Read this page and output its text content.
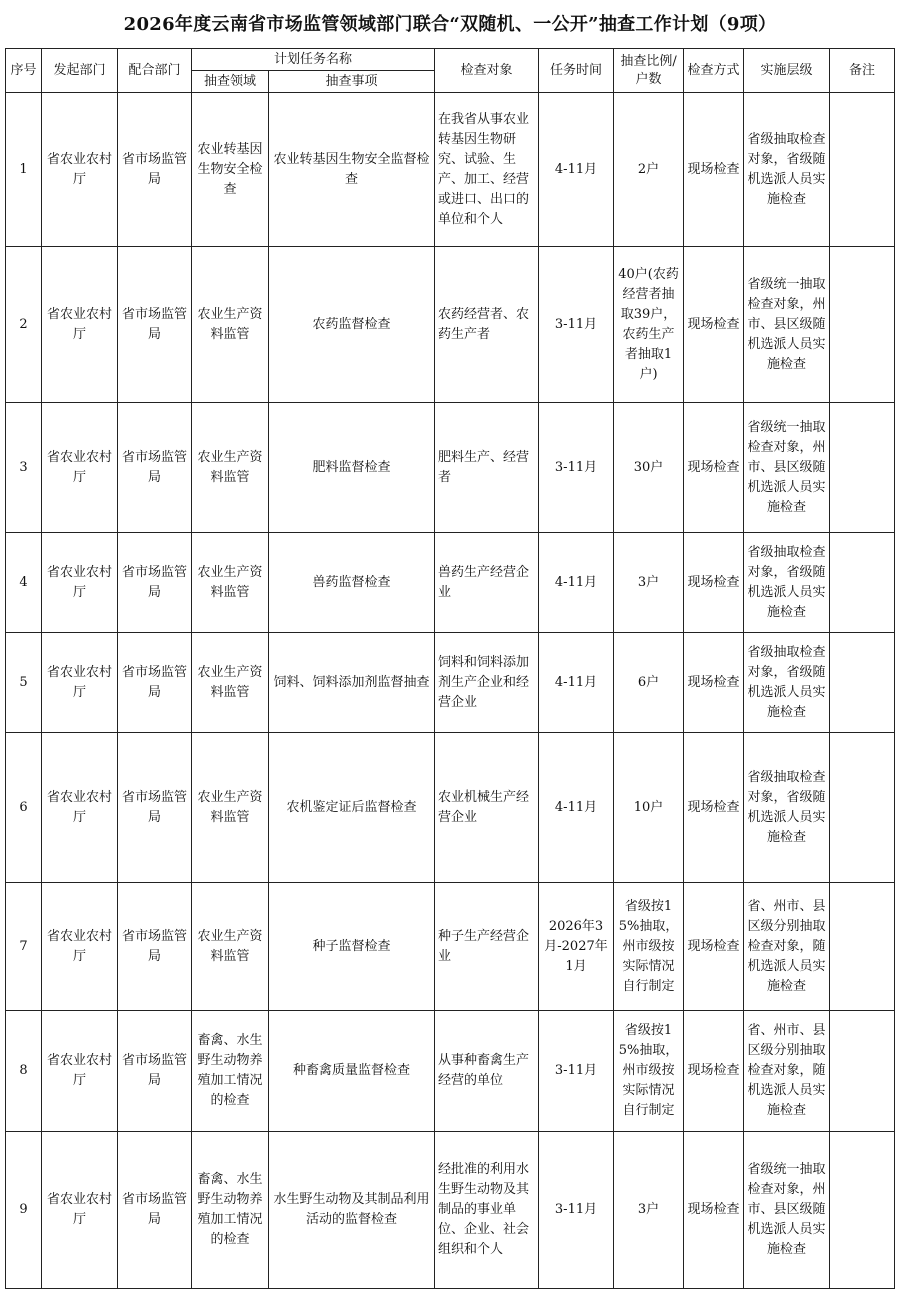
2026年度云南省市场监管领域部门联合“双随机、一公开”抽查工作计划（9项）
序号	发起部门	配合部门	计划任务名称		检查对象	任务时间	抽查比例/户数	检查方式	实施层级	备注
			抽查领域	抽查事项						
1	省农业农村厅	省市场监管局	农业转基因生物安全检查	农业转基因生物安全监督检查	在我省从事农业转基因生物研究、试验、生产、加工、经营或进口、出口的单位和个人	4-11月	2户	现场检查	省级抽取检查对象，省级随机选派人员实施检查	
2	省农业农村厅	省市场监管局	农业生产资料监管	农药监督检查	农药经营者、农药生产者	3-11月	40户(农药经营者抽取39户，农药生产者抽取1户)	现场检查	省级统一抽取检查对象，州市、县区级随机选派人员实施检查	
3	省农业农村厅	省市场监管局	农业生产资料监管	肥料监督检查	肥料生产、经营者	3-11月	30户	现场检查	省级统一抽取检查对象，州市、县区级随机选派人员实施检查	
4	省农业农村厅	省市场监管局	农业生产资料监管	兽药监督检查	兽药生产经营企业	4-11月	3户	现场检查	省级抽取检查对象，省级随机选派人员实施检查	
5	省农业农村厅	省市场监管局	农业生产资料监管	饲料、饲料添加剂监督抽查	饲料和饲料添加剂生产企业和经营企业	4-11月	6户	现场检查	省级抽取检查对象，省级随机选派人员实施检查	
6	省农业农村厅	省市场监管局	农业生产资料监管	农机鉴定证后监督检查	农业机械生产经营企业	4-11月	10户	现场检查	省级抽取检查对象，省级随机选派人员实施检查	
7	省农业农村厅	省市场监管局	农业生产资料监管	种子监督检查	种子生产经营企业	2026年3月-2027年1月	省级按15%抽取，州市级按实际情况自行制定	现场检查	省、州市、县区级分别抽取检查对象，随机选派人员实施检查	
8	省农业农村厅	省市场监管局	畜禽、水生野生动物养殖加工情况的检查	种畜禽质量监督检查	从事种畜禽生产经营的单位	3-11月	省级按15%抽取，州市级按实际情况自行制定	现场检查	省、州市、县区级分别抽取检查对象，随机选派人员实施检查	
9	省农业农村厅	省市场监管局	畜禽、水生野生动物养殖加工情况的检查	水生野生动物及其制品利用活动的监督检查	经批准的利用水生野生动物及其制品的事业单位、企业、社会组织和个人	3-11月	3户	现场检查	省级统一抽取检查对象，州市、县区级随机选派人员实施检查	
